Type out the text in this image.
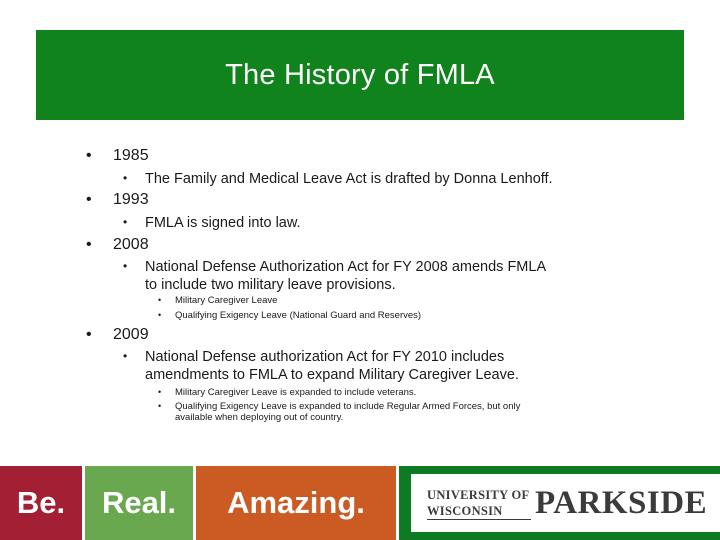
The History of FMLA
• 1985
• The Family and Medical Leave Act is drafted by Donna Lenhoff.
• 1993
• FMLA is signed into law.
• 2008
• National Defense Authorization Act for FY 2008 amends FMLA
to include two military leave provisions.
• Military Caregiver Leave
• Qualifying Exigency Leave (National Guard and Reserves)
• 2009
• National Defense authorization Act for FY 2010 includes
amendments to FMLA to expand Military Caregiver Leave.
• Military Caregiver Leave is expanded to include veterans.
• Qualifying Exigency Leave is expanded to include Regular Armed Forces, but only
available when deploying out of country.
Be. Real. Amazing.	UNIVERSITY OF
WISCONSIN PARKSIDE
